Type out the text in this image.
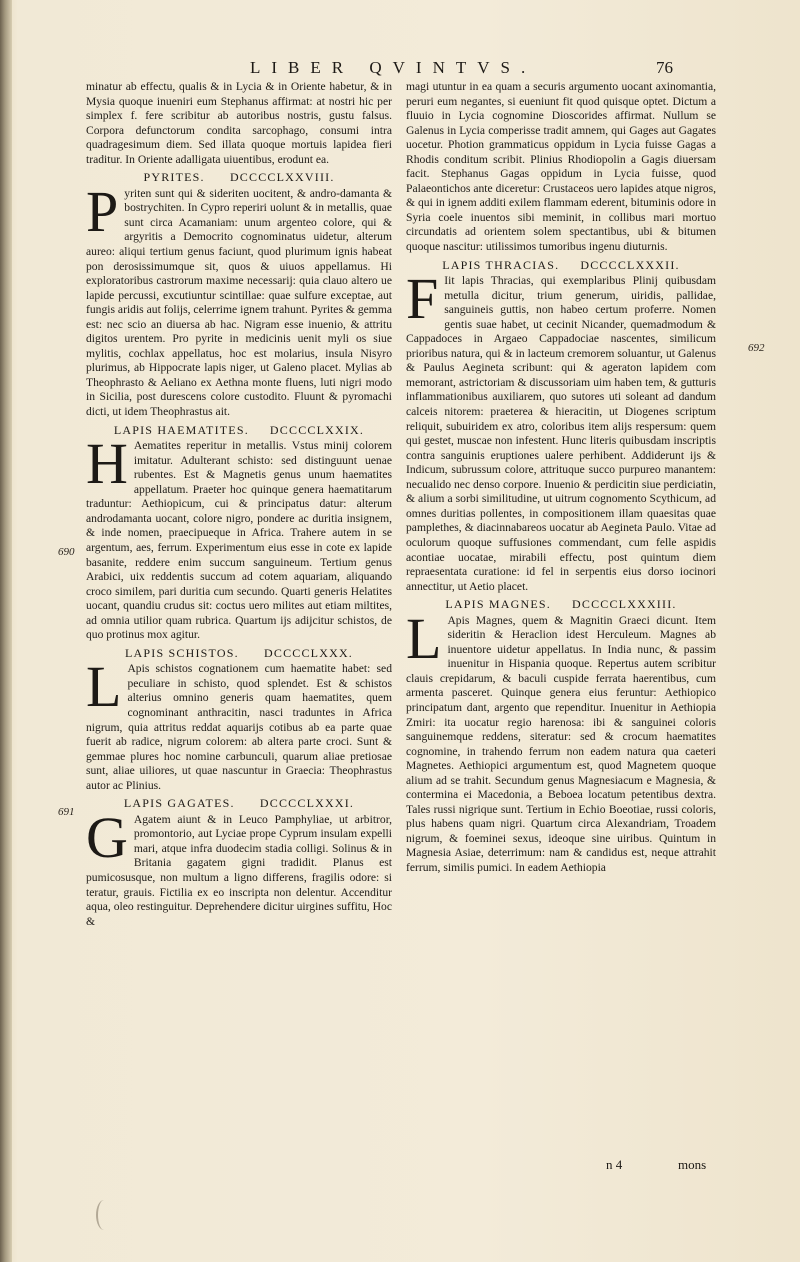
LIBER QVINTVS.	76
690
691
692

minatur ab effectu, qualis & in Lycia & in Oriente habetur, & in Mysia quoque inueniri eum Stephanus affirmat: at nostri hic per simplex f. fere scribitur ab autoribus nostris, gustu falsus. Corpora defunctorum condita sarcophago, consumi intra quadragesimum diem. Sed illata quoque mortuis lapidea fieri traditur. In Oriente adalligata uiuentibus, erodunt ea.

PYRITES. DCCCCLXXVIII.

Pyriten sunt qui & sideriten uocitent, & andro-damanta & bostrychiten. In Cypro reperiri uolunt & in metallis, quae sunt circa Acamaniam: unum argenteo colore, qui & argyritis a Democrito cognominatus uidetur, alterum aureo: aliqui tertium genus faciunt, quod plurimum ignis habeat pon derosissimumque sit, quos & uiuos appellamus. Hi exploratoribus castrorum maxime necessarij: quia clauo altero ue lapide percussi, excutiuntur scintillae: quae sulfure exceptae, aut fungis aridis aut folijs, celerrime ignem trahunt. Pyrites & gemma est: nec scio an diuersa ab hac. Nigram esse inuenio, & attritu digitos urentem. Pro pyrite in medicinis uenit myli os siue mylitis, cochlax appellatus, hoc est molarius, insula Nisyro plurimus, ab Hippocrate lapis niger, ut Galeno placet. Mylias ab Theophrasto & Aeliano ex Aethna monte fluens, luti nigri modo in Sicilia, post durescens colore custodito. Fluunt & pyromachi dicti, ut idem Theophrastus ait.

LAPIS HAEMATITES. DCCCCLXXIX.

H Aematites reperitur in metallis. Vstus minij colorem imitatur. Adulterant schisto: sed distinguunt uenae rubentes. Est & Magnetis genus unum haematites appellatum. Praeter hoc quinque genera haematitarum traduntur: Aethiopicum, cui & principatus datur: alterum androdamanta uocant, colore nigro, pondere ac duritia insignem, & inde nomen, praecipueque in Africa. Trahere autem in se argentum, aes, ferrum. Experimentum eius esse in cote ex lapide basanite, reddere enim succum sanguineum. Tertium genus Arabici, uix reddentis succum ad cotem aquariam, aliquando croco similem, pari duritia cum secundo. Quarti generis Helatites uocant, quandiu crudus sit: coctus uero milites aut etiam miltites, ad omnia utilior quam rubrica. Quartum ijs adijcitur schistos, de quo protinus mox agitur.

LAPIS SCHISTOS. DCCCCLXXX.

L Apis schistos cognationem cum haematite habet: sed peculiare in schisto, quod splendet. Est & schistos alterius omnino generis quam haematites, quem cognominant anthracitin, nasci traduntes in Africa nigrum, quia attritus reddat aquarijs cotibus ab ea parte quae fuerit ab radice, nigrum colorem: ab altera parte croci. Sunt & gemmae plures hoc nomine carbunculi, quarum aliae pretiosae sunt, aliae uiliores, ut quae nascuntur in Graecia: Theophrastus autor ac Plinius.

LAPIS GAGATES. DCCCCLXXXI.

G Agatem aiunt & in Leuco Pamphyliae, ut arbitror, promontorio, aut Lyciae prope Cyprum insulam expelli mari, atque infra duodecim stadia colligi. Solinus & in Britania gagatem gigni tradidit. Planus est pumicosusque, non multum a ligno differens, fragilis odore: si teratur, grauis. Fictilia ex eo inscripta non delentur. Accenditur aqua, oleo restinguitur. Deprehendere dicitur uirgines suffitu, Hoc &

magi utuntur in ea quam a securis argumento uocant axinomantia, peruri eum negantes, si eueniunt fit quod quisque optet. Dictum a fluuio in Lycia cognomine Dioscorides affirmat. Nullum se Galenus in Lycia comperisse tradit amnem, qui Gages aut Gagates uocetur. Photion grammaticus oppidum in Lycia fuisse Gagas a Rhodis conditum scribit. Plinius Rhodiopolin a Gagis diuersam facit. Stephanus Gagas oppidum in Lycia fuisse, quod Palaeontichos ante diceretur: Crustaceos uero lapides atque nigros, & qui in ignem additi exilem flammam ederent, bituminis odore in Syria coele inuentos sibi meminit, in collibus mari mortuo circundatis ad orientem solem spectantibus, ubi & bitumen quoque nascitur: utilissimos tumoribus ingenu diuturnis.

LAPIS THRACIAS. DCCCCLXXXII.

F Iit lapis Thracias, qui exemplaribus Plinij quibusdam metulla dicitur, trium generum, uiridis, pallidae, sanguineis guttis, non habeo certum proferre. Nomen gentis suae habet, ut cecinit Nicander, quemadmodum & Cappadoces in Argaeo Cappadociae nascentes, similicum prioribus natura, qui & in lacteum cremorem soluantur, ut Galenus & Paulus Aegineta scribunt: qui & ageraton lapidem com memorant, astrictoriam & discussoriam uim haben tem, & gutturis inflammationibus auxiliarem, quo sutores uti soleant ad dandum calceis nitorem: praeterea & hieracitin, ut Diogenes scriptum reliquit, subuiridem ex atro, coloribus item alijs respersum: quem qui gestet, muscae non infestent. Hunc literis quibusdam inscriptis contra sanguinis eruptiones ualere perhibent. Addiderunt ijs & Indicum, subrussum colore, attrituque succo purpureo manantem: necualido nec denso corpore. Inuenio & perdicitin siue perdiciatin, & alium a sorbi similitudine, ut uitrum cognomento Scythicum, ad omnes duritias pollentes, in compositionem illam quaesitas quae pamplethes, & diacinnabareos uocatur ab Aegineta Paulo. Vitae ad oculorum quoque suffusiones commendant, cum felle aspidis acontiae uocatae, mirabili effectu, post quintum diem repraesentata curatione: id fel in serpentis eius dorso iocinori annectitur, ut Aetio placet.

LAPIS MAGNES. DCCCCLXXXIII.

L Apis Magnes, quem & Magnitin Graeci dicunt. Item sideritin & Heraclion idest Herculeum. Magnes ab inuentore uidetur appellatus. In India nunc, & passim inuenitur in Hispania quoque. Repertus autem scribitur clauis crepidarum, & baculi cuspide ferrata haerentibus, cum armenta pasceret. Quinque genera eius feruntur: Aethiopico principatum dant, argento que rependitur. Inuenitur in Aethiopia Zmiri: ita uocatur regio harenosa: ibi & sanguinei coloris sanguinemque reddens, siteratur: sed & crocum haematites cognomine, in trahendo ferrum non eadem natura qua caeteri Magnetes. Aethiopici argumentum est, quod Magnetem quoque alium ad se trahit. Secundum genus Magnesiacum e Magnesia, & contermina ei Macedonia, a Beboea locatum petentibus dextra. Tales russi nigrique sunt. Tertium in Echio Boeotiae, russi coloris, plus habens quam nigri. Quartum circa Alexandriam, Troadem nigrum, & foeminei sexus, ideoque sine uiribus. Quintum in Magnesia Asiae, deterrimum: nam & candidus est, neque attrahit ferrum, similis pumici. In eadem Aethiopia

n 4	mons
